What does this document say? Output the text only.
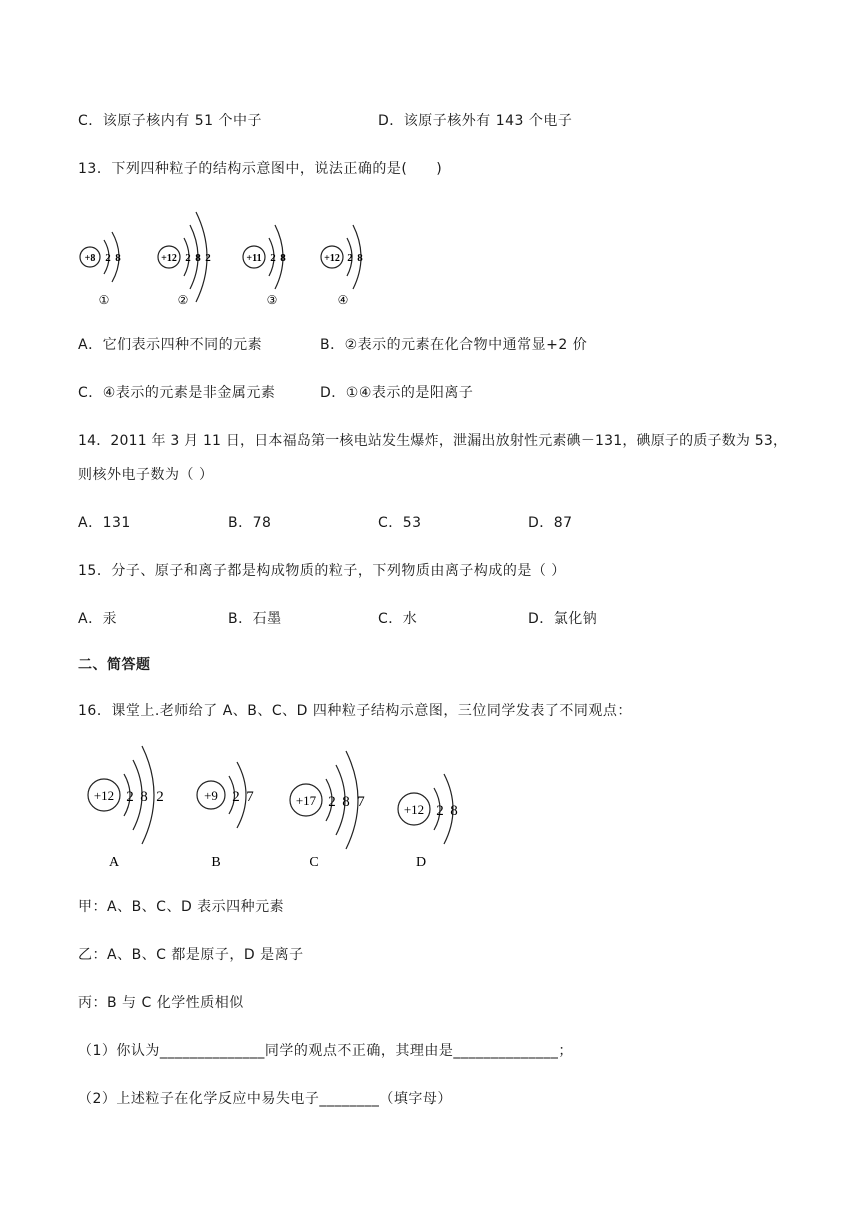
C．该原子核内有 51 个中子	D．该原子核外有 143 个电子
13．下列四种粒子的结构示意图中，说法正确的是(　　)
+8 2 8
①
+12 2 8 2
②
+11 2 8
③
+12 2 8
④
A．它们表示四种不同的元素	B．②表示的元素在化合物中通常显+2 价
C．④表示的元素是非金属元素	D．①④表示的是阳离子
14．2011 年 3 月 11 日，日本福岛第一核电站发生爆炸，泄漏出放射性元素碘－131，碘原子的质子数为 53，
则核外电子数为（ ）
A．131	B．78	C．53	D．87
15．分子、原子和离子都是构成物质的粒子，下列物质由离子构成的是（ ）
A．汞	B．石墨	C．水	D．氯化钠
二、简答题
16．课堂上.老师给了 A、B、C、D 四种粒子结构示意图，三位同学发表了不同观点：
+12 2 8 2
A
+9 2 7
B
+17 2 8 7
C
+12 2 8
D
甲：A、B、C、D 表示四种元素
乙：A、B、C 都是原子，D 是离子
丙：B 与 C 化学性质相似
（1）你认为______________同学的观点不正确，其理由是______________；
（2）上述粒子在化学反应中易失电子________（填字母）
